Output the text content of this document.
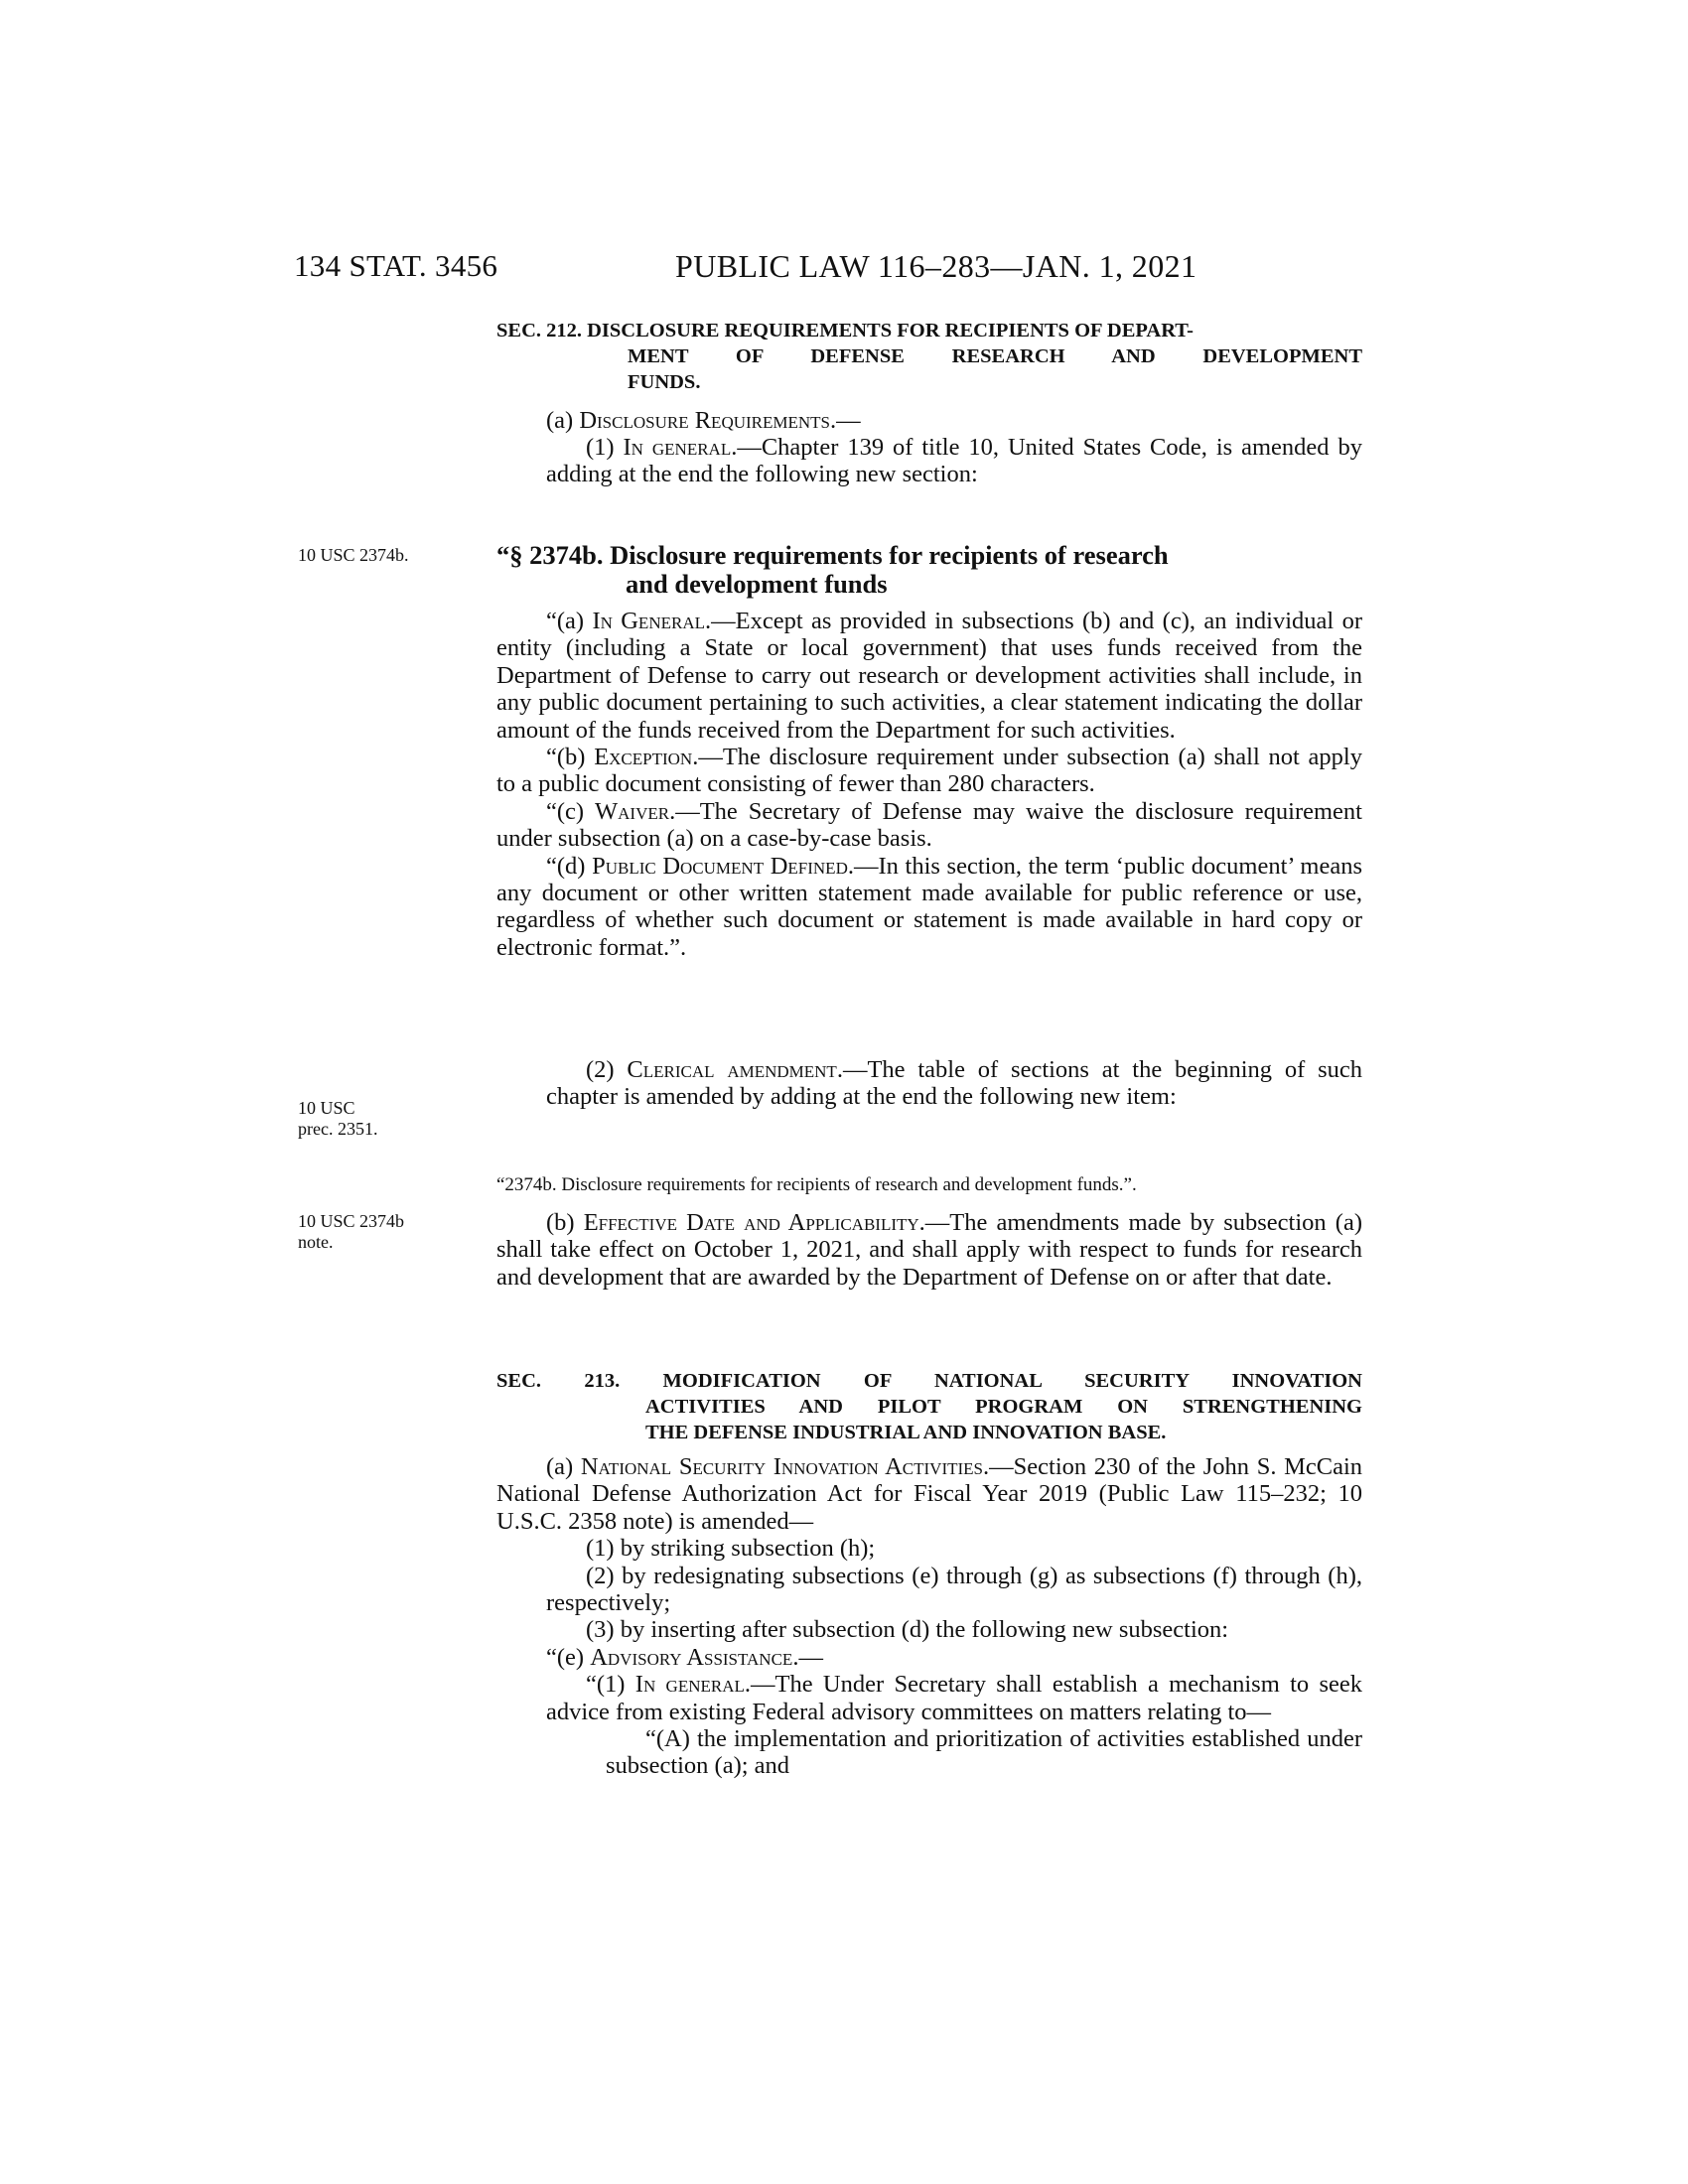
134 STAT. 3456	PUBLIC LAW 116–283—JAN. 1, 2021
SEC. 212. DISCLOSURE REQUIREMENTS FOR RECIPIENTS OF DEPART-
MENT OF DEFENSE RESEARCH AND DEVELOPMENT
FUNDS.
(a) Disclosure Requirements.—
(1) In general.—Chapter 139 of title 10, United States Code, is amended by adding at the end the following new section:
10 USC 2374b.	“§ 2374b. Disclosure requirements for recipients of research
and development funds

“(a) In General.—Except as provided in subsections (b) and (c), an individual or entity (including a State or local government) that uses funds received from the Department of Defense to carry out research or development activities shall include, in any public document pertaining to such activities, a clear statement indicating the dollar amount of the funds received from the Department for such activities.

“(b) Exception.—The disclosure requirement under subsection (a) shall not apply to a public document consisting of fewer than 280 characters.

“(c) Waiver.—The Secretary of Defense may waive the disclosure requirement under subsection (a) on a case-by-case basis.

“(d) Public Document Defined.—In this section, the term ‘public document’ means any document or other written statement made available for public reference or use, regardless of whether such document or statement is made available in hard copy or electronic format.”.

10 USC
prec. 2351.
(2) Clerical amendment.—The table of sections at the beginning of such chapter is amended by adding at the end the following new item:
“2374b. Disclosure requirements for recipients of research and development funds.”.
10 USC 2374b
note.
(b) Effective Date and Applicability.—The amendments made by subsection (a) shall take effect on October 1, 2021, and shall apply with respect to funds for research and development that are awarded by the Department of Defense on or after that date.
SEC. 213. MODIFICATION OF NATIONAL SECURITY INNOVATION
ACTIVITIES AND PILOT PROGRAM ON STRENGTHENING
THE DEFENSE INDUSTRIAL AND INNOVATION BASE.

(a) National Security Innovation Activities.—Section 230 of the John S. McCain National Defense Authorization Act for Fiscal Year 2019 (Public Law 115–232; 10 U.S.C. 2358 note) is amended—

(1) by striking subsection (h);

(2) by redesignating subsections (e) through (g) as subsections (f) through (h), respectively;

(3) by inserting after subsection (d) the following new subsection:

“(e) Advisory Assistance.—

“(1) In general.—The Under Secretary shall establish a mechanism to seek advice from existing Federal advisory committees on matters relating to—

“(A) the implementation and prioritization of activities established under subsection (a); and
